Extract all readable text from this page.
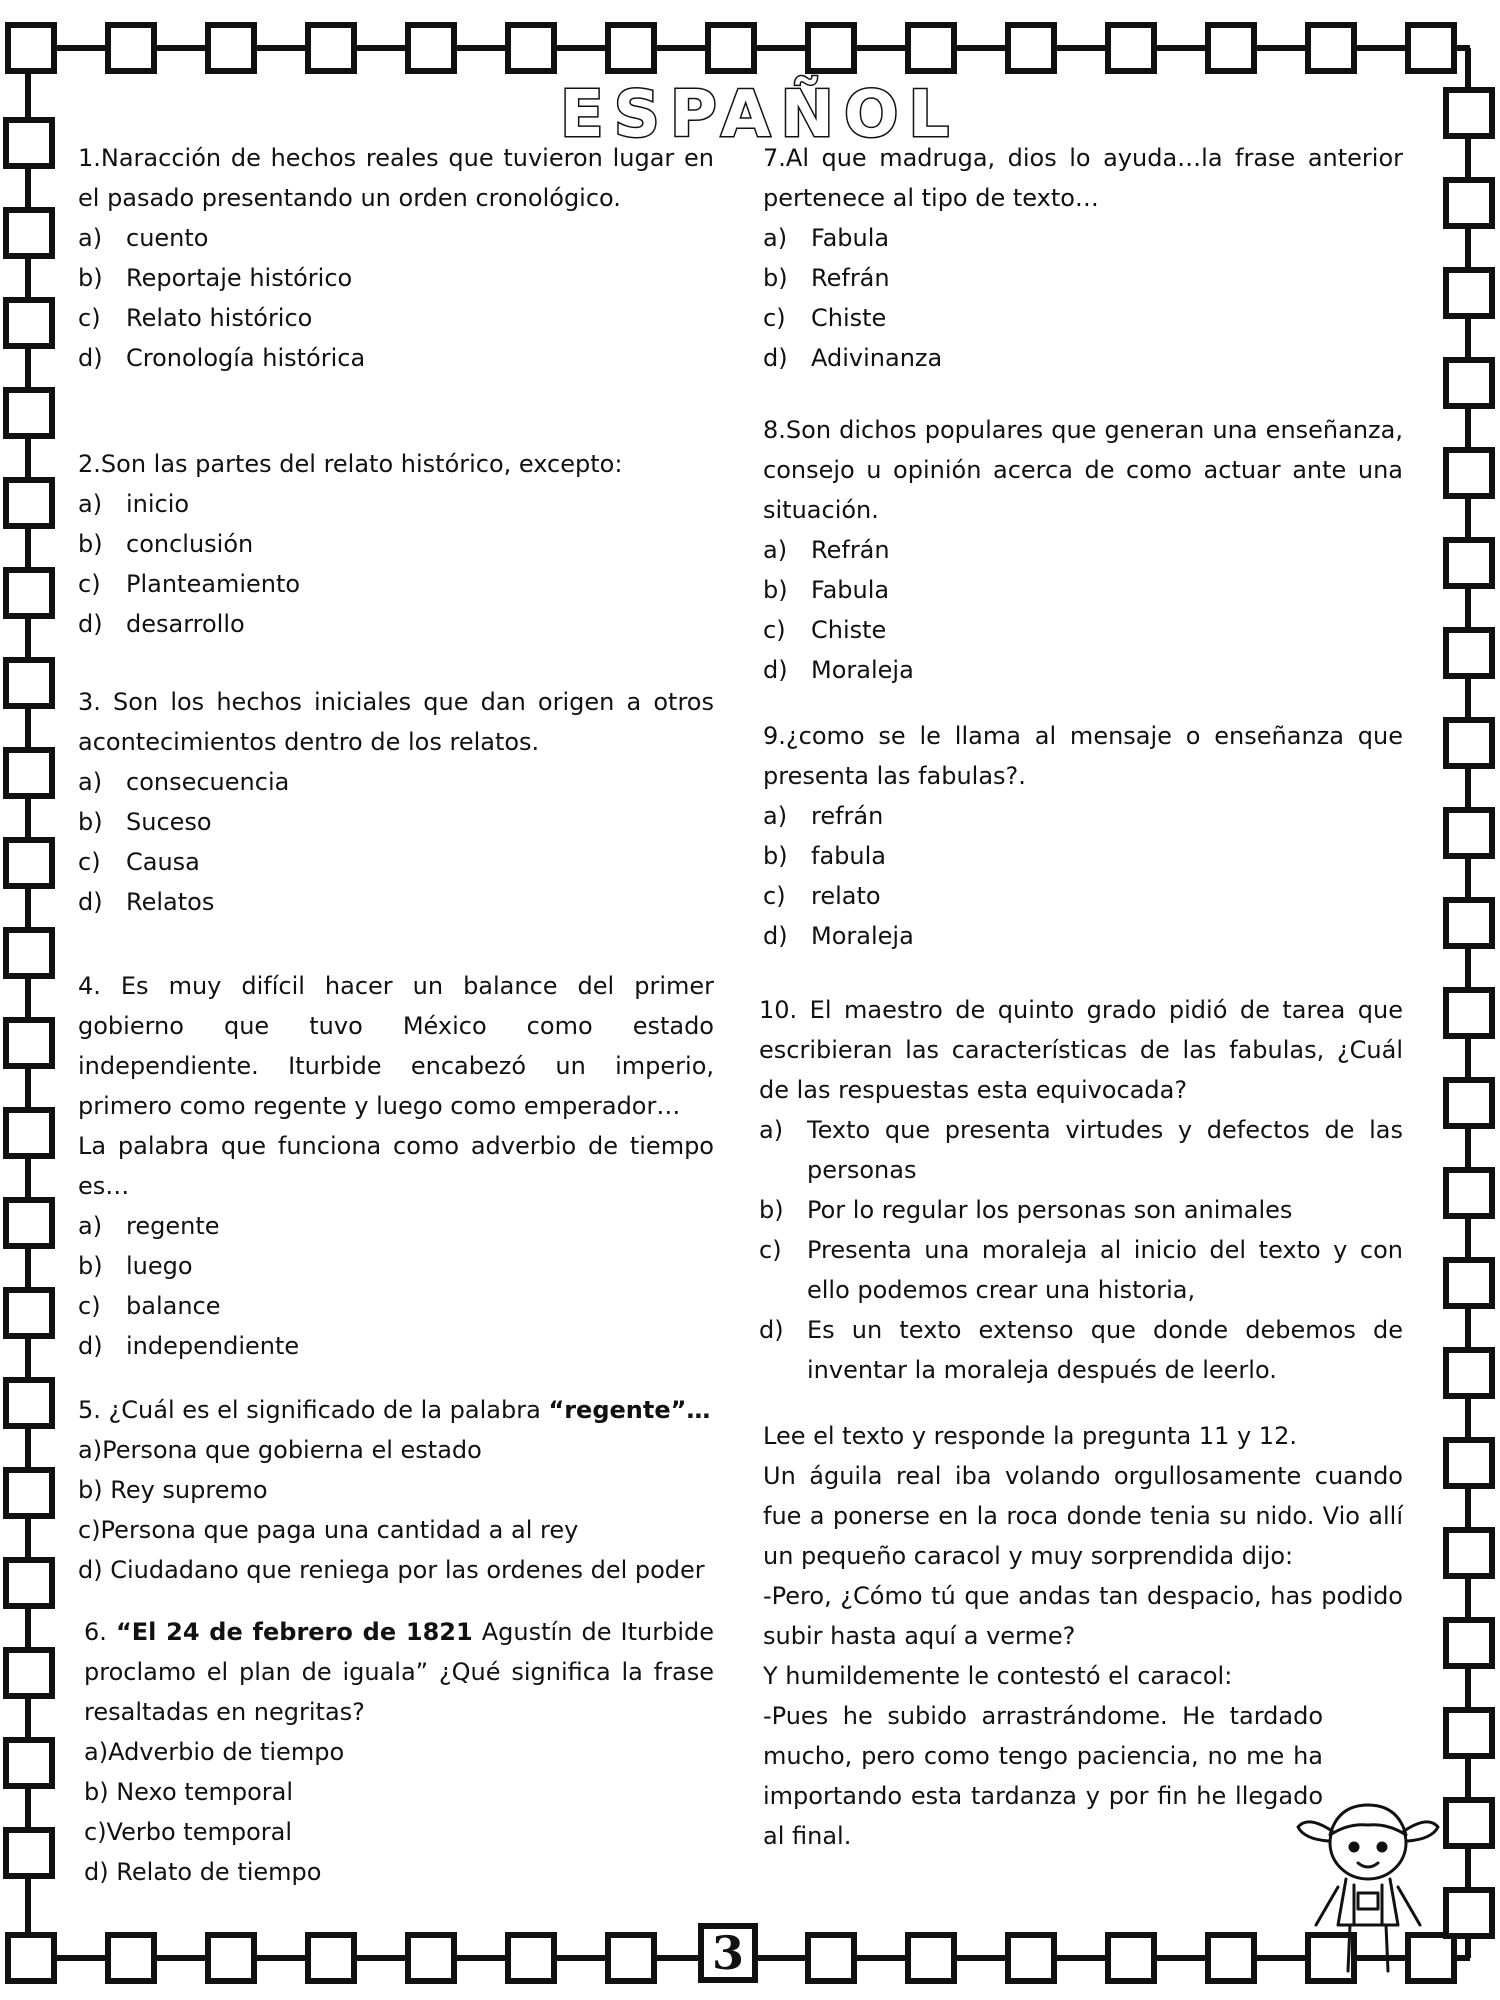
ESPAÑOL
1.Naracción de hechos reales que tuvieron lugar en el pasado presentando un orden cronológico.
a) cuento
b) Reportaje histórico
c)	Relato histórico
d) Cronología histórica
2.Son las partes del relato histórico, excepto:
a) inicio
b) conclusión
c)	Planteamiento
d) desarrollo
3. Son los hechos iniciales que dan origen a otros acontecimientos dentro de los relatos.
a) consecuencia
b) Suceso
c)	Causa
d) Relatos
4. Es muy difícil hacer un balance del primer gobierno que tuvo México como estado independiente. Iturbide encabezó un imperio, primero como regente y luego como emperador…
La palabra que funciona como adverbio de tiempo es…
a) regente
b) luego
c)	balance
d) independiente
5. ¿Cuál es el significado de la palabra “regente”…
a)Persona que gobierna el estado
b) Rey supremo
c)Persona que paga una cantidad a al rey
d) Ciudadano que reniega por las ordenes del poder
6. “El 24 de febrero de 1821 Agustín de Iturbide proclamo el plan de iguala” ¿Qué significa la frase resaltadas en negritas?
a)Adverbio de tiempo
b) Nexo temporal
c)Verbo temporal
d) Relato de tiempo
7.Al que madruga, dios lo ayuda…la frase anterior pertenece al tipo de texto…
a) Fabula
b) Refrán
c)	Chiste
d) Adivinanza
8.Son dichos populares que generan una enseñanza, consejo u opinión acerca de como actuar ante una situación.
a) Refrán
b) Fabula
c)	Chiste
d) Moraleja
9.¿como se le llama al mensaje o enseñanza que presenta las fabulas?.
a) refrán
b) fabula
c)	relato
d) Moraleja
10. El maestro de quinto grado pidió de tarea que escribieran las características de las fabulas, ¿Cuál de las respuestas esta equivocada?
a) Texto que presenta virtudes y defectos de las personas
b) Por lo regular los personas son animales
c)	Presenta una moraleja al inicio del texto y con ello podemos crear una historia,
d) Es un texto extenso que donde debemos de inventar la moraleja después de leerlo.

Lee el texto y responde la pregunta 11 y 12.

Un águila real iba volando orgullosamente cuando fue a ponerse en la roca donde tenia su nido. Vio allí un pequeño caracol y muy sorprendida dijo:

-Pero, ¿Cómo tú que andas tan despacio, has podido subir hasta aquí a verme?

Y humildemente le contestó el caracol:

-Pues he subido arrastrándome. He tardado mucho, pero como tengo paciencia, no me ha importando esta tardanza y por fin he llegado al final.

3
